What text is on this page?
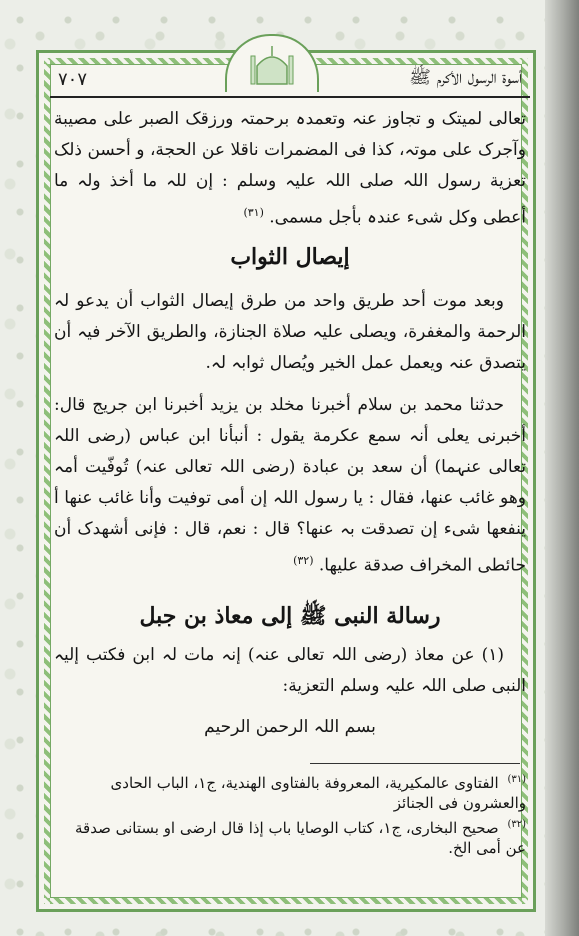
أسوۃ الرسول الأکرم ﷺ
٧٠٧
تعالی لمیتک و تجاوز عنہ وتعمدہ برحمتہ ورزقک الصبر علی مصیبة وآجرک علی موتہ، کذا فی المضمرات ناقلا عن الحجة، و أحسن ذلک تعزیة رسول اللہ صلی اللہ علیہ وسلم : إن للہ ما أخذ ولہ ما أعطی وکل شیء عندہ بأجل مسمی. $^{(٣١)}$
إیصال الثواب
وبعد موت أحد طریق واحد من طرق إیصال الثواب أن یدعو لہ الرحمة والمغفرة، ویصلی علیہ صلاة الجنازة، والطریق الآخر فیہ أن یتصدق عنہ ویعمل عمل الخیر ویُصال ثوابہ لہ.
حدثنا محمد بن سلام أخبرنا مخلد بن یزید أخبرنا ابن جریج قال: أخبرنی یعلی أنہ سمع عکرمة یقول : أنبأنا ابن عباس (رضی اللہ تعالی عنہما) أن سعد بن عبادة (رضی اللہ تعالی عنہ) تُوفّیت أمہ وھو غائب عنھا، فقال : یا رسول اللہ إن أمی توفیت وأنا غائب عنھا أ ینفعھا شیء إن تصدقت بہ عنھا؟ قال : نعم، قال : فإنی أشھدک أن حائطی المخراف صدقة علیھا. $^{(٣٢)}$
رسالة النبی ﷺ إلی معاذ بن جبل
(١) عن معاذ (رضی اللہ تعالی عنہ) إنہ مات لہ ابن فکتب إلیہ النبی صلی اللہ علیہ وسلم التعزیة:
بسم اللہ الرحمن الرحیم
$^{(٣١)}$ الفتاوی عالمکیریة، المعروفة بالفتاوی الھندیة، ج١، الباب الحادی والعشرون فی الجنائز
$^{(٣٢)}$ صحیح البخاری، ج١، کتاب الوصایا باب إذا قال ارضی او بستانی صدقة عن أمی الخ.
